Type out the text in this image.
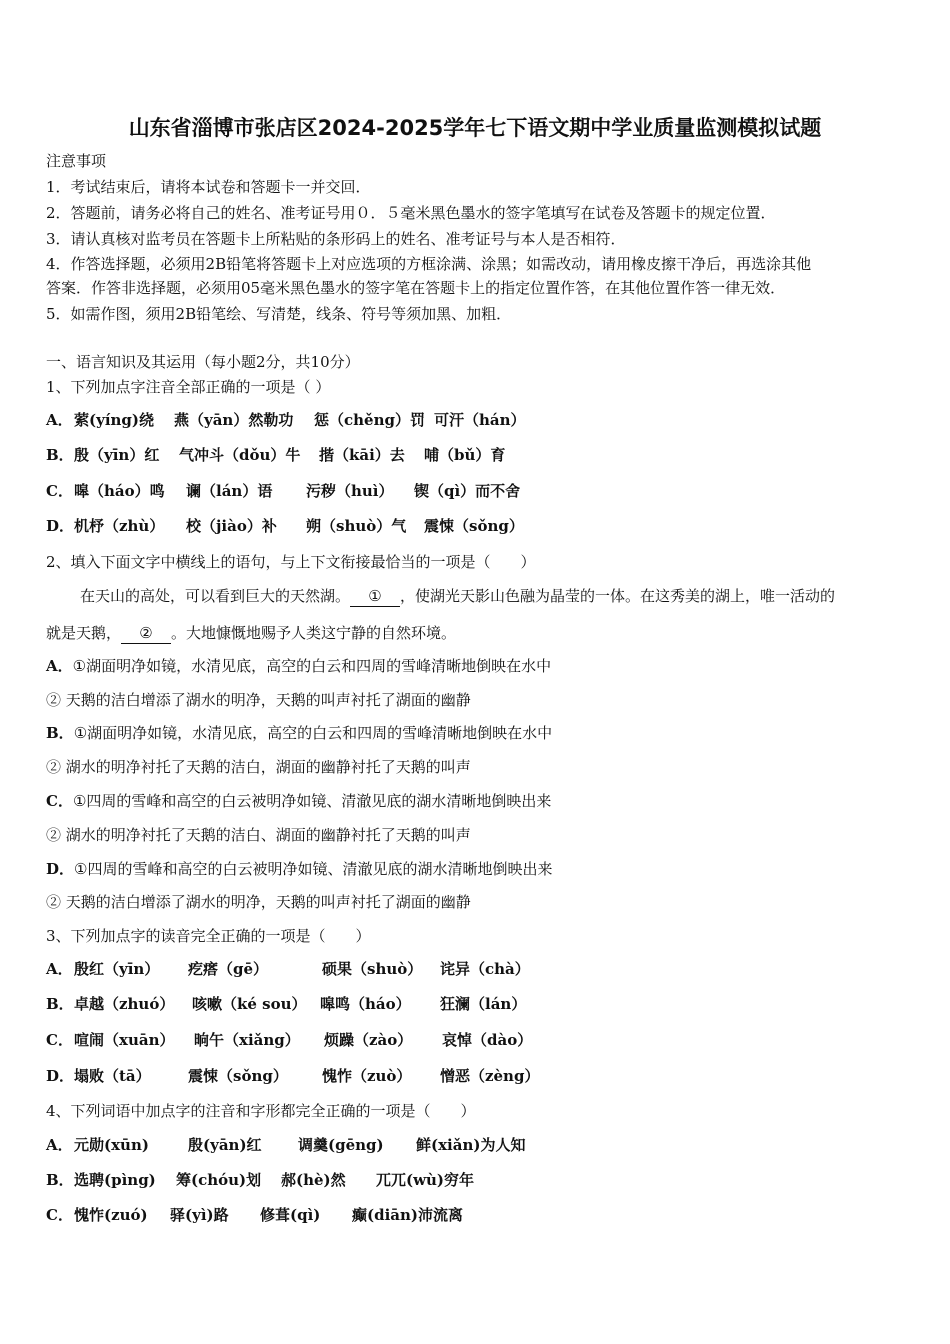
山东省淄博市张店区2024-2025学年七下语文期中学业质量监测模拟试题
注意事项
1．考试结束后，请将本试卷和答题卡一并交回．
2．答题前，请务必将自己的姓名、准考证号用０．５毫米黑色墨水的签字笔填写在试卷及答题卡的规定位置．
3．请认真核对监考员在答题卡上所粘贴的条形码上的姓名、准考证号与本人是否相符．
4．作答选择题，必须用2B铅笔将答题卡上对应选项的方框涂满、涂黑；如需改动，请用橡皮擦干净后，再选涂其他
答案．作答非选择题，必须用05毫米黑色墨水的签字笔在答题卡上的指定位置作答，在其他位置作答一律无效．
5．如需作图，须用2B铅笔绘、写清楚，线条、符号等须加黑、加粗．
一、语言知识及其运用（每小题2分，共10分）
1、下列加点字注音全部正确的一项是（ ）
A．萦(yíng)绕 燕（yān）然勒功 惩（chěng）罚 可汗（hán）
B．殷（yīn）红 气冲斗（dǒu）牛 揩（kāi）去 哺（bǔ）育
C．嗥（háo）鸣 谰（lán）语 污秽（huì） 锲（qì）而不舍
D．机杼（zhù） 校（jiào）补 朔（shuò）气 震悚（sǒng）
2、填入下面文字中横线上的语句，与上下文衔接最恰当的一项是（　　）
在天山的高处，可以看到巨大的天然湖。 ① ，使湖光天影山色融为晶莹的一体。在这秀美的湖上，唯一活动的
就是天鹅， ② 。大地慷慨地赐予人类这宁静的自然环境。
A．①湖面明净如镜，水清见底，高空的白云和四周的雪峰清晰地倒映在水中
② 天鹅的洁白增添了湖水的明净，天鹅的叫声衬托了湖面的幽静
B．①湖面明净如镜，水清见底，高空的白云和四周的雪峰清晰地倒映在水中
② 湖水的明净衬托了天鹅的洁白，湖面的幽静衬托了天鹅的叫声
C．①四周的雪峰和高空的白云被明净如镜、清澈见底的湖水清晰地倒映出来
② 湖水的明净衬托了天鹅的洁白、湖面的幽静衬托了天鹅的叫声
D．①四周的雪峰和高空的白云被明净如镜、清澈见底的湖水清晰地倒映出来
② 天鹅的洁白增添了湖水的明净，天鹅的叫声衬托了湖面的幽静
3、下列加点字的读音完全正确的一项是（　　）
A．殷红（yīn） 疙瘩（gē）	硕果（shuò） 诧异（chà）
B．卓越（zhuó） 咳嗽（ké sou） 嗥鸣（háo） 狂澜（lán）
C．喧闹（xuān） 晌午（xiǎng） 烦躁（zào） 哀悼（dào）
D．塌败（tā） 震悚（sǒng） 愧怍（zuò） 憎恶（zèng）
4、下列词语中加点字的注音和字形都完全正确的一项是（　　）
A．元勋(xūn)	殷(yān)红 调羹(gēng) 鲜(xiǎn)为人知
B．选聘(pìng) 筹(chóu)划 郝(hè)然 兀兀(wù)穷年
C．愧怍(zuó) 驿(yì)路 修葺(qì) 癫(diān)沛流离
